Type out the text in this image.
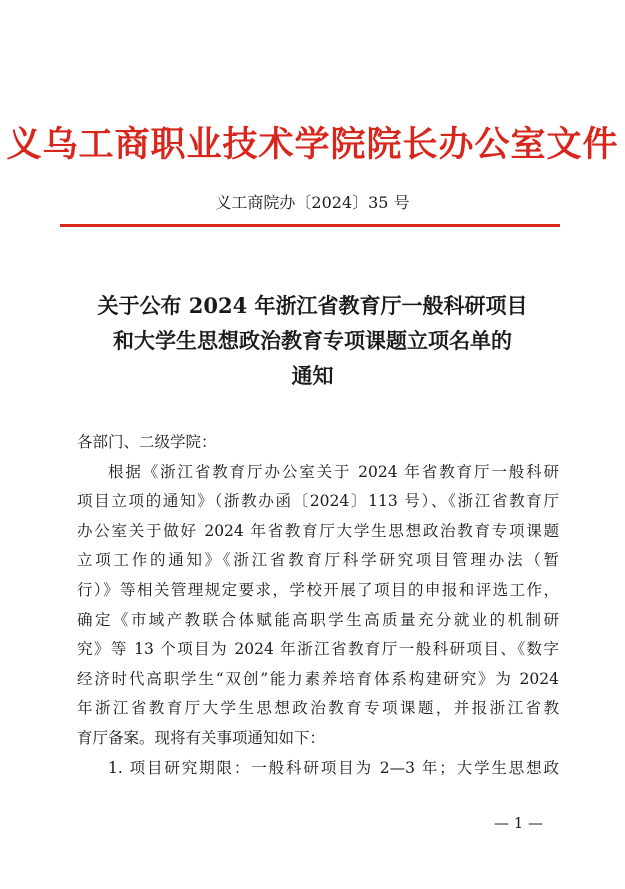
义乌工商职业技术学院院长办公室文件
义工商院办〔2024〕35 号
关于公布 2024 年浙江省教育厅一般科研项目
和大学生思想政治教育专项课题立项名单的
通知

各部门、二级学院：

根据《浙江省教育厅办公室关于 2024 年省教育厅一般科研

项目立项的通知》（浙教办函〔2024〕113 号）、《浙江省教育厅

办公室关于做好 2024 年省教育厅大学生思想政治教育专项课题

立项工作的通知》《浙江省教育厅科学研究项目管理办法（暂

行）》等相关管理规定要求，学校开展了项目的申报和评选工作，

确定《市域产教联合体赋能高职学生高质量充分就业的机制研

究》等 13 个项目为 2024 年浙江省教育厅一般科研项目、《数字

经济时代高职学生“双创”能力素养培育体系构建研究》为 2024

年浙江省教育厅大学生思想政治教育专项课题，并报浙江省教

育厅备案。现将有关事项通知如下：

1. 项目研究期限：一般科研项目为 2—3 年；大学生思想政

— 1 —
